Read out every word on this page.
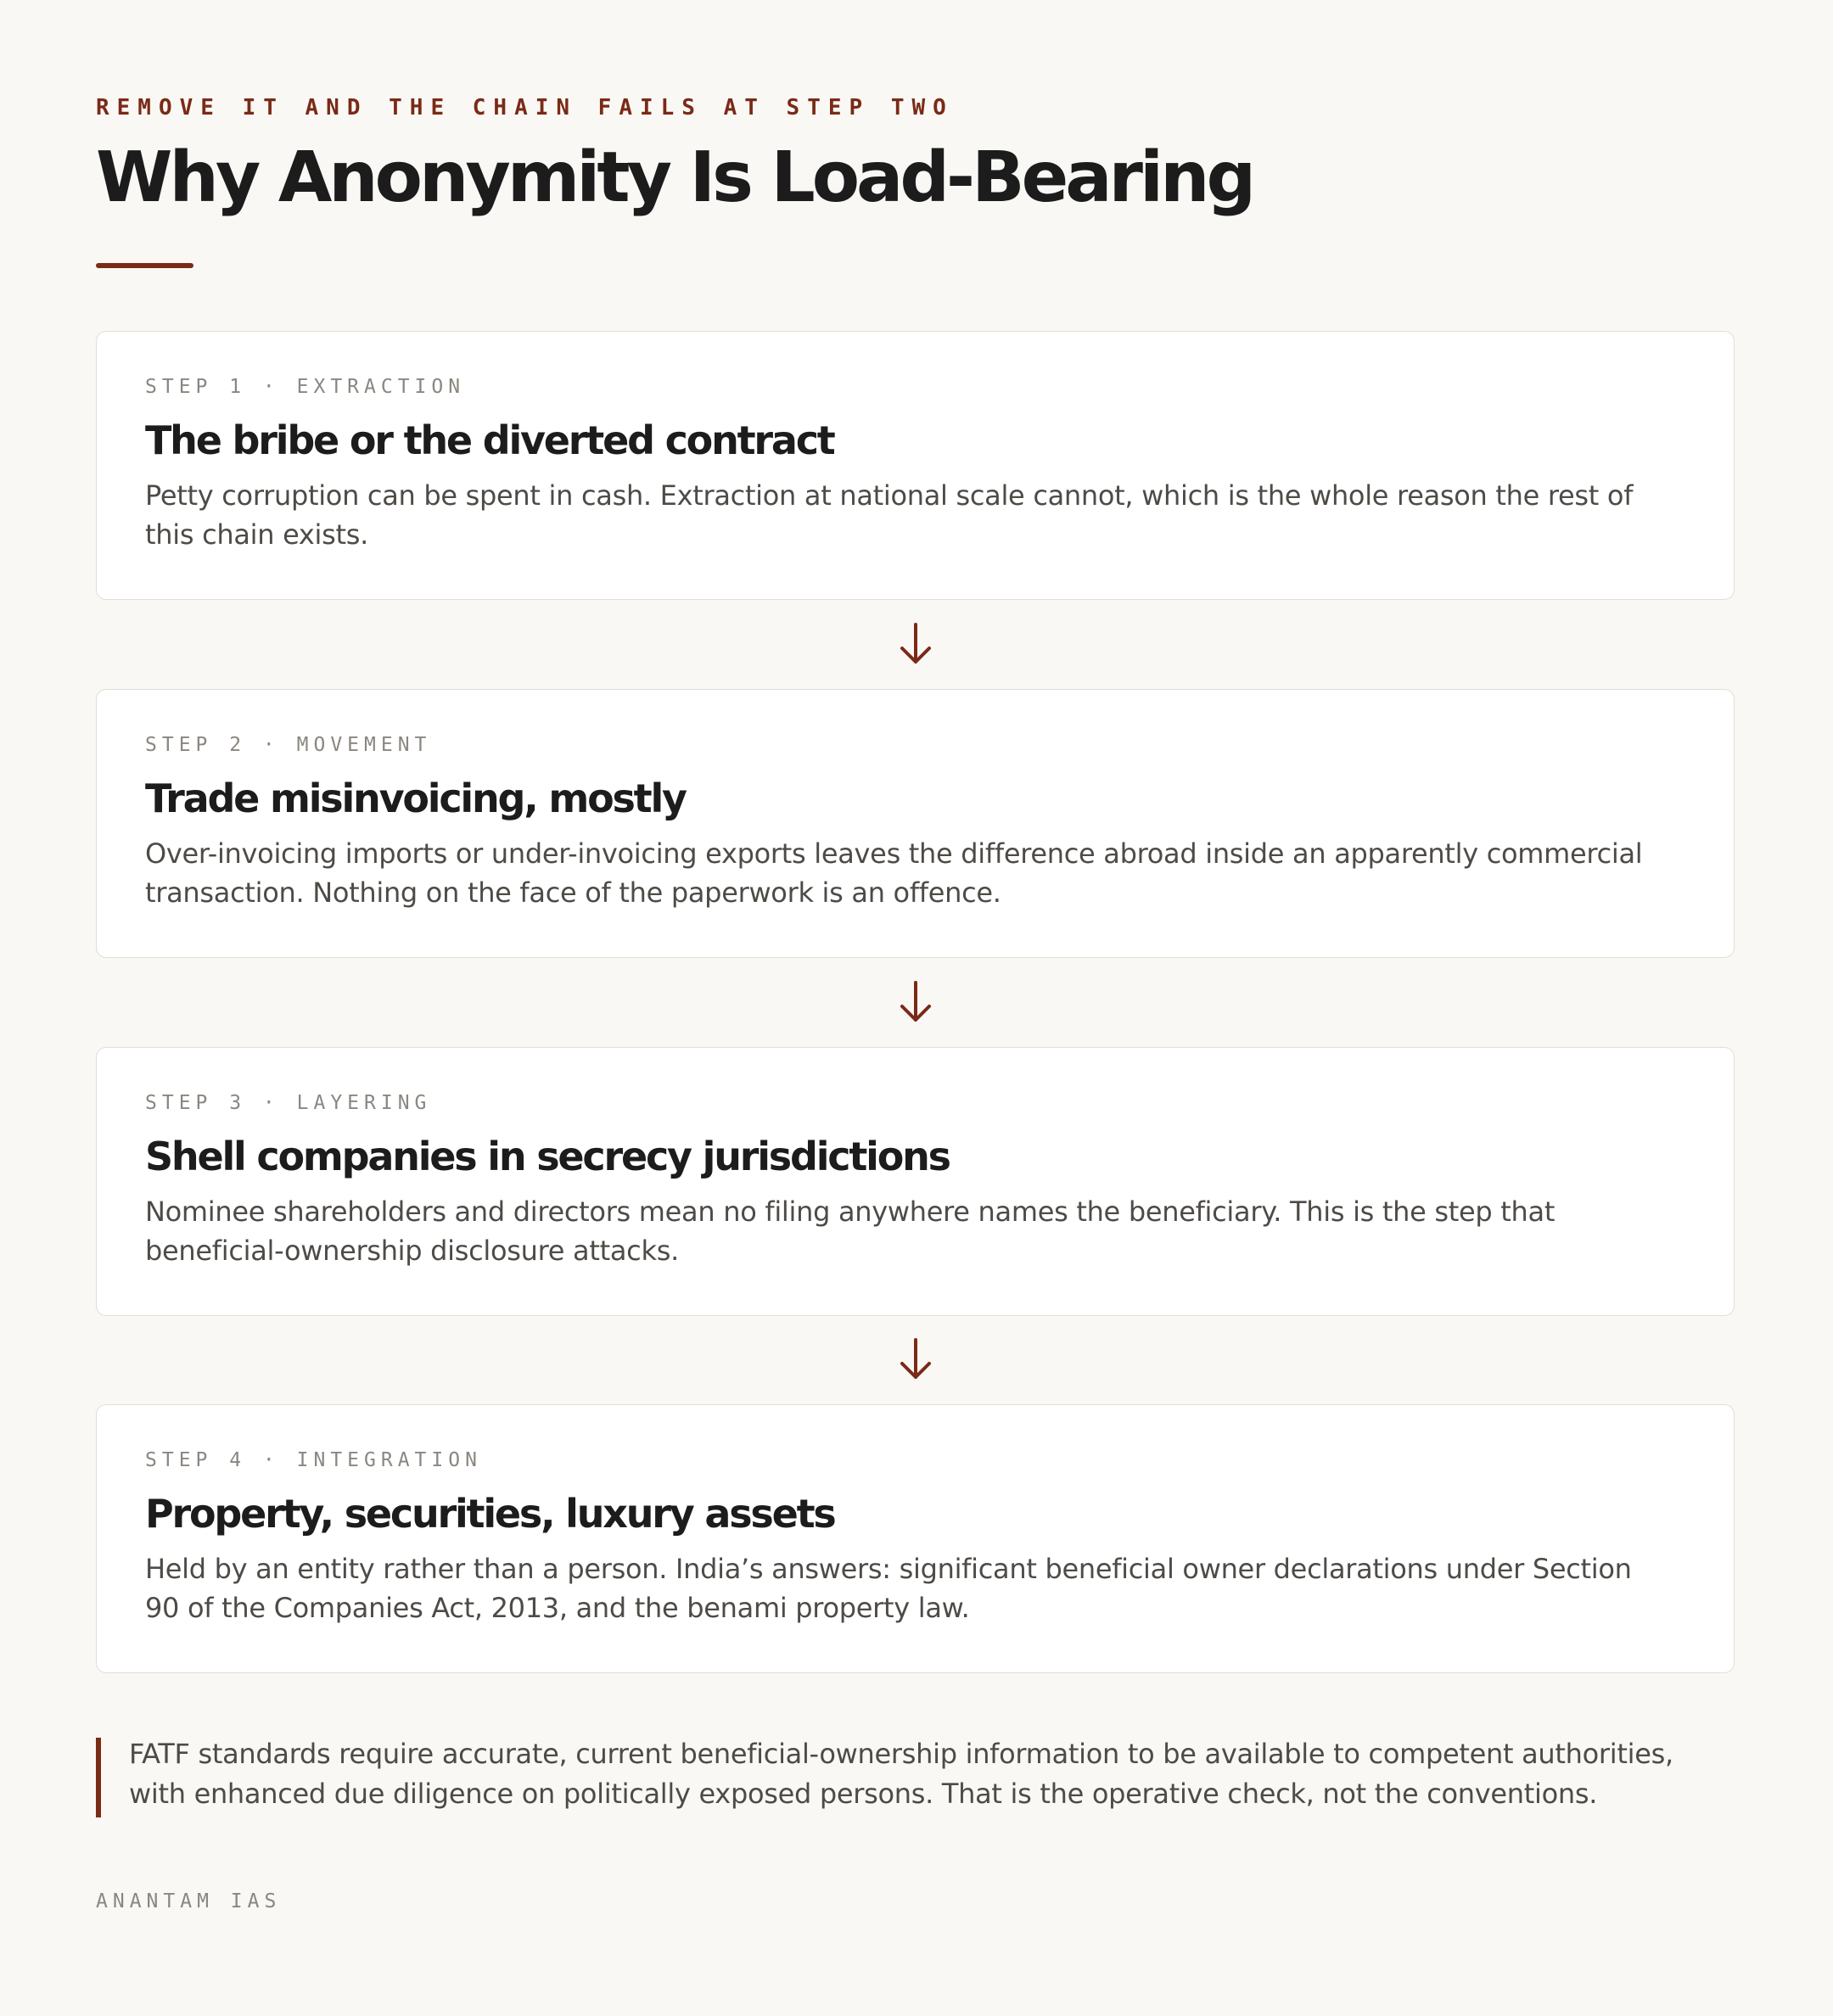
REMOVE IT AND THE CHAIN FAILS AT STEP TWO
Why Anonymity Is Load-Bearing
STEP 1 · EXTRACTION
The bribe or the diverted contract

Petty corruption can be spent in cash. Extraction at national scale cannot, which is the whole reason the rest of this chain exists.

STEP 2 · MOVEMENT
Trade misinvoicing, mostly

Over-invoicing imports or under-invoicing exports leaves the difference abroad inside an apparently commercial transaction. Nothing on the face of the paperwork is an offence.

STEP 3 · LAYERING
Shell companies in secrecy jurisdictions

Nominee shareholders and directors mean no filing anywhere names the beneficiary. This is the step that beneficial-ownership disclosure attacks.

STEP 4 · INTEGRATION
Property, securities, luxury assets

Held by an entity rather than a person. India’s answers: significant beneficial owner declarations under Section 90 of the Companies Act, 2013, and the benami property law.

FATF standards require accurate, current beneficial-ownership information to be available to competent authorities, with enhanced due diligence on politically exposed persons. That is the operative check, not the conventions.

ANANTAM IAS
